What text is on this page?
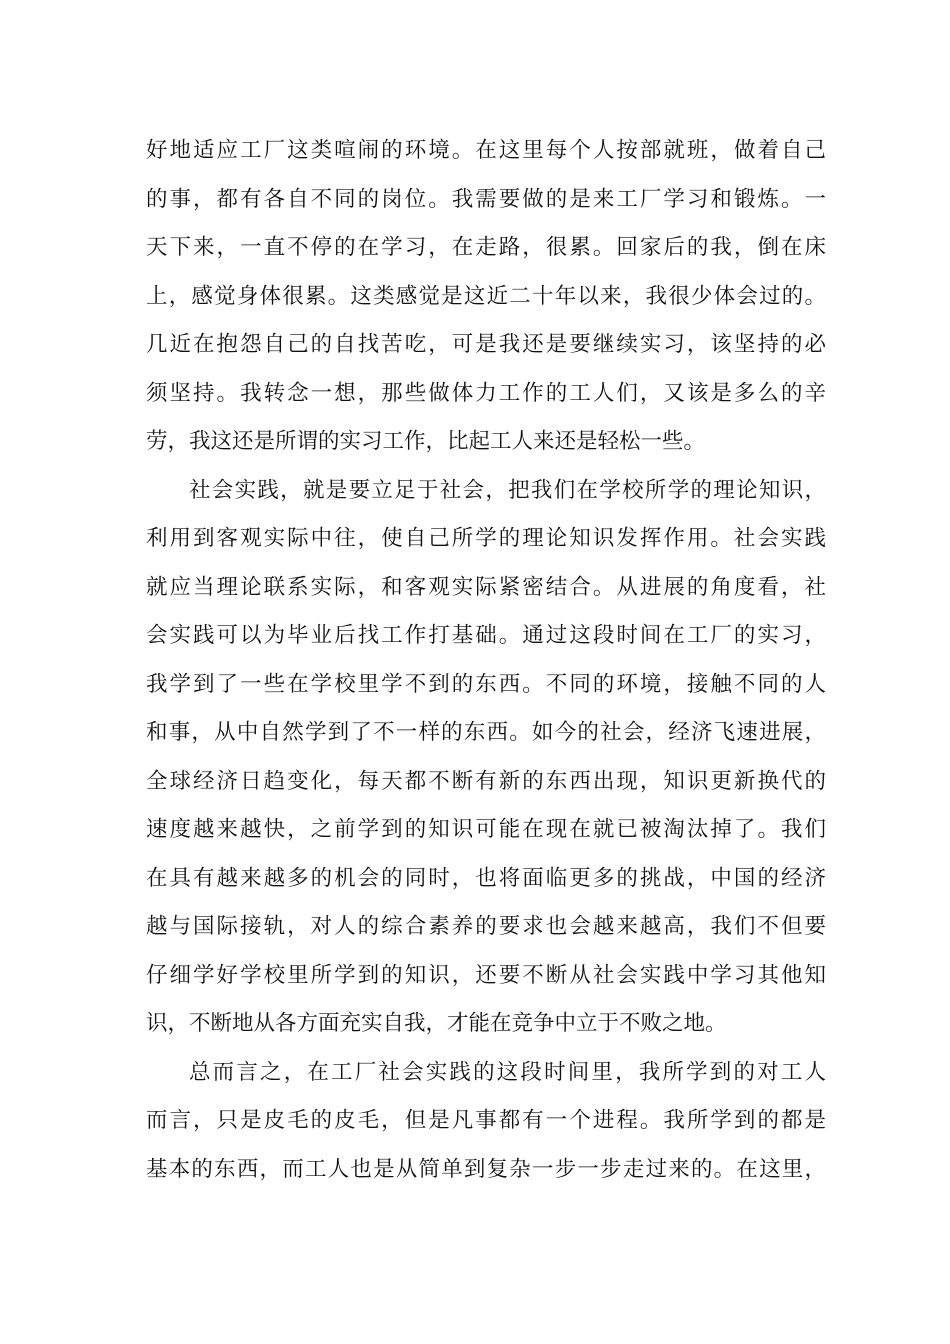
好地适应工厂这类喧闹的环境。在这里每个人按部就班，做着自己
的事，都有各自不同的岗位。我需要做的是来工厂学习和锻炼。一
天下来，一直不停的在学习，在走路，很累。回家后的我，倒在床
上，感觉身体很累。这类感觉是这近二十年以来，我很少体会过的。
几近在抱怨自己的自找苦吃，可是我还是要继续实习，该坚持的必
须坚持。我转念一想，那些做体力工作的工人们，又该是多么的辛
劳，我这还是所谓的实习工作，比起工人来还是轻松一些。
社会实践，就是要立足于社会，把我们在学校所学的理论知识，
利用到客观实际中往，使自己所学的理论知识发挥作用。社会实践
就应当理论联系实际，和客观实际紧密结合。从进展的角度看，社
会实践可以为毕业后找工作打基础。通过这段时间在工厂的实习，
我学到了一些在学校里学不到的东西。不同的环境，接触不同的人
和事，从中自然学到了不一样的东西。如今的社会，经济飞速进展，
全球经济日趋变化，每天都不断有新的东西出现，知识更新换代的
速度越来越快，之前学到的知识可能在现在就已被淘汰掉了。我们
在具有越来越多的机会的同时，也将面临更多的挑战，中国的经济
越与国际接轨，对人的综合素养的要求也会越来越高，我们不但要
仔细学好学校里所学到的知识，还要不断从社会实践中学习其他知
识，不断地从各方面充实自我，才能在竞争中立于不败之地。
总而言之，在工厂社会实践的这段时间里，我所学到的对工人
而言，只是皮毛的皮毛，但是凡事都有一个进程。我所学到的都是
基本的东西，而工人也是从简单到复杂一步一步走过来的。在这里，
